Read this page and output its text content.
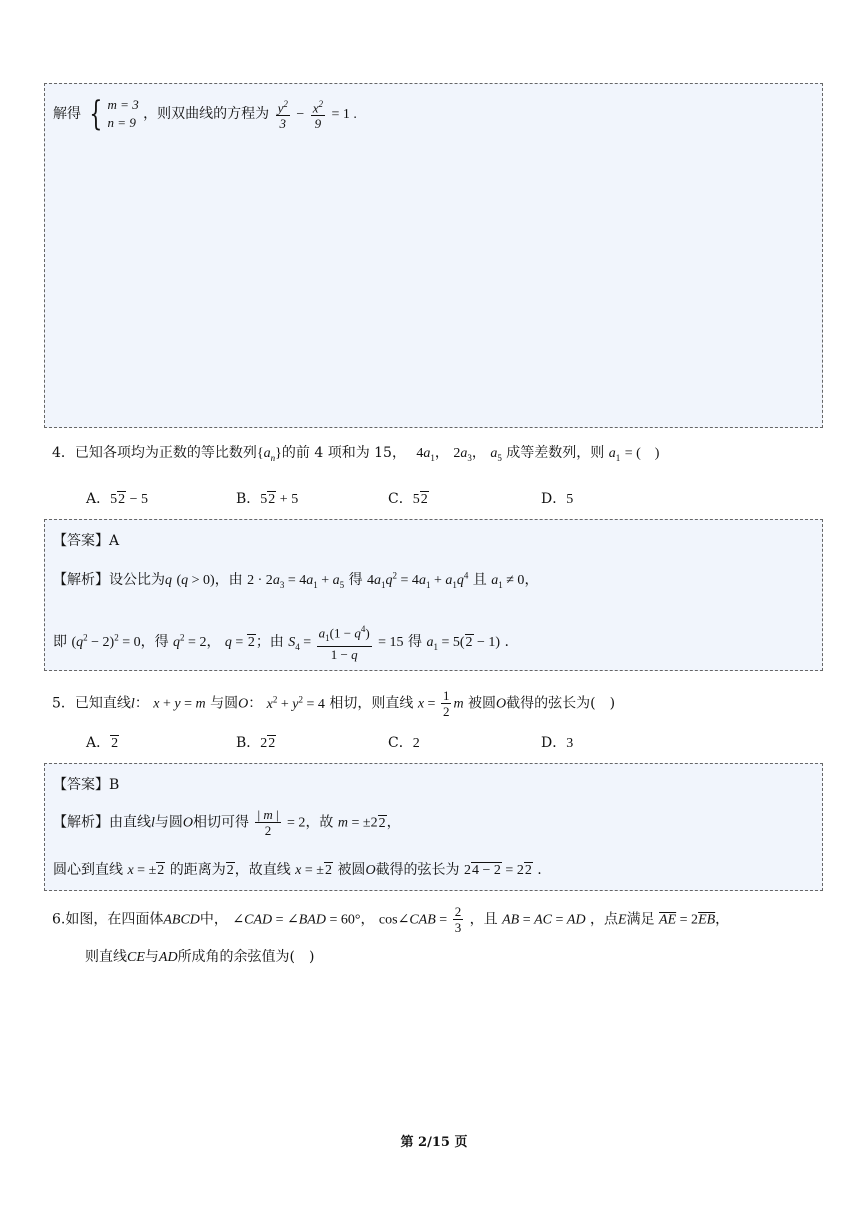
解得 { m = 3
n = 9
，则双曲线的方程为 $\frac{y^2}{3} - \frac{x^2}{9} = 1$ .
4．已知各项均为正数的等比数列$\{a_n\}$的前 4 项和为 15， $4a_1$， $2a_3$， $a_5$ 成等差数列，则 $a_1$ = (　)
A．52 − 5	B．52 + 5	C．52	D．5
【答案】A
【解析】设公比为q (q > 0)，由 $2 \cdot 2a_3 = 4a_1 + a_5$ 得 $4a_1q^2 = 4a_1 + a_1q^4$ 且 $a_1 \ne 0$，
即 $(q^2 - 2)^2 = 0$，得 $q^2 = 2$， q = 2；由 $S_4 = \frac{a_1(1 - q^4)}{1 - q} = 15$ 得 $a_1 = 5(2 - 1)$ .
5．已知直线l： x + y = m 与圆O： $x^2 + y^2 = 4$ 相切，则直线 $x = \frac{1}{2}$ m 被圆O截得的弦长为(　)
A．2	B．22	C．2	D．3
【答案】B
【解析】由直线l与圆O相切可得 $\frac{| m |}{2} = 2$，故 m = ±22，
圆心到直线 x = ±2 的距离为2，故直线 x = ±2 被圆O截得的弦长为 24 − 2 = 22 .
6.如图，在四面体ABCD中， ∠CAD = ∠BAD = 60°， cos∠CAB = $\frac{2}{3}$ ，且 AB = AC = AD ，点E满足 $\overline{AE} = 2\overline{EB}$，
则直线CE与AD所成角的余弦值为(　)
第 2/15 页
